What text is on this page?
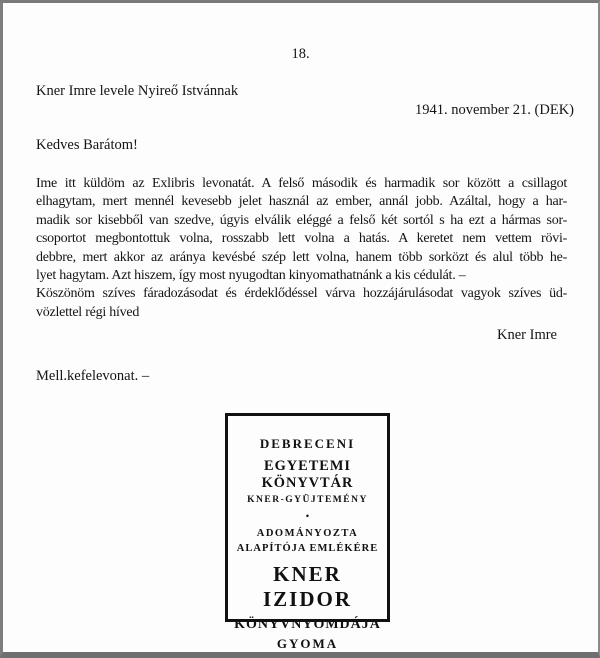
18.
Kner Imre levele Nyireő Istvánnak
1941. november 21. (DEK)
Kedves Barátom!
Ime itt küldöm az Exlibris levonatát. A felső második és harmadik sor között a csillagot
elhagytam, mert mennél kevesebb jelet használ az ember, annál jobb. Azáltal, hogy a har-
madik sor kisebből van szedve, úgyis elválik eléggé a felső két sortól s ha ezt a hármas sor-
csoportot megbontottuk volna, rosszabb lett volna a hatás. A keretet nem vettem rövi-
debbre, mert akkor az aránya kevésbé szép lett volna, hanem több sorközt és alul több he-
lyet hagytam. Azt hiszem, így most nyugodtan kinyomathatnánk a kis cédulát. –
Köszönöm szíves fáradozásodat és érdeklődéssel várva hozzájárulásodat vagyok szíves üd-
vözlettel régi híved
Kner Imre
Mell.kefelevonat. –
DEBRECENI
EGYETEMI KÖNYVTÁR
KNER-GYÜJTEMÉNY
•
ADOMÁNYOZTA
ALAPÍTÓJA EMLÉKÉRE
KNER IZIDOR
KÖNYVNYOMDÁJA
GYOMA
